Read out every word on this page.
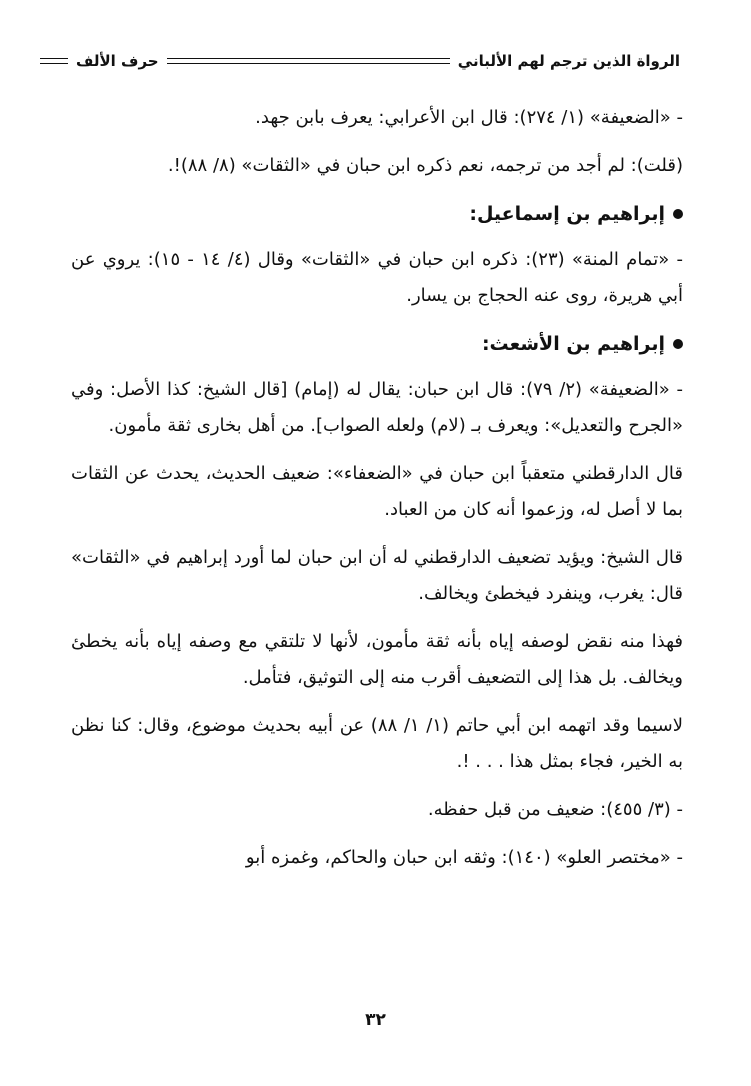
الرواة الذين ترجم لهم الألباني
حرف الألف

- «الضعيفة» (١/ ٢٧٤): قال ابن الأعرابي: يعرف بابن جهد.

(قلت): لم أجد من ترجمه، نعم ذكره ابن حبان في «الثقات» (٨/ ٨٨)!.

إبراهيم بن إسماعيل:

- «تمام المنة» (٢٣): ذكره ابن حبان في «الثقات» وقال (٤/ ١٤ - ١٥): يروي عن أبي هريرة، روى عنه الحجاج بن يسار.

إبراهيم بن الأشعث:

- «الضعيفة» (٢/ ٧٩): قال ابن حبان: يقال له (إمام) [قال الشيخ: كذا الأصل: وفي «الجرح والتعديل»: ويعرف بـ (لام) ولعله الصواب]. من أهل بخارى ثقة مأمون.

قال الدارقطني متعقباً ابن حبان في «الضعفاء»: ضعيف الحديث، يحدث عن الثقات بما لا أصل له، وزعموا أنه كان من العباد.

قال الشيخ: ويؤيد تضعيف الدارقطني له أن ابن حبان لما أورد إبراهيم في «الثقات» قال: يغرب، وينفرد فيخطئ ويخالف.

فهذا منه نقض لوصفه إياه بأنه ثقة مأمون، لأنها لا تلتقي مع وصفه إياه بأنه يخطئ ويخالف. بل هذا إلى التضعيف أقرب منه إلى التوثيق، فتأمل.

لاسيما وقد اتهمه ابن أبي حاتم (١/ ١/ ٨٨) عن أبيه بحديث موضوع، وقال: كنا نظن به الخير، فجاء بمثل هذا . . . !.

- (٣/ ٤٥٥): ضعيف من قبل حفظه.

- «مختصر العلو» (١٤٠): وثقه ابن حبان والحاكم، وغمزه أبو

٣٢
